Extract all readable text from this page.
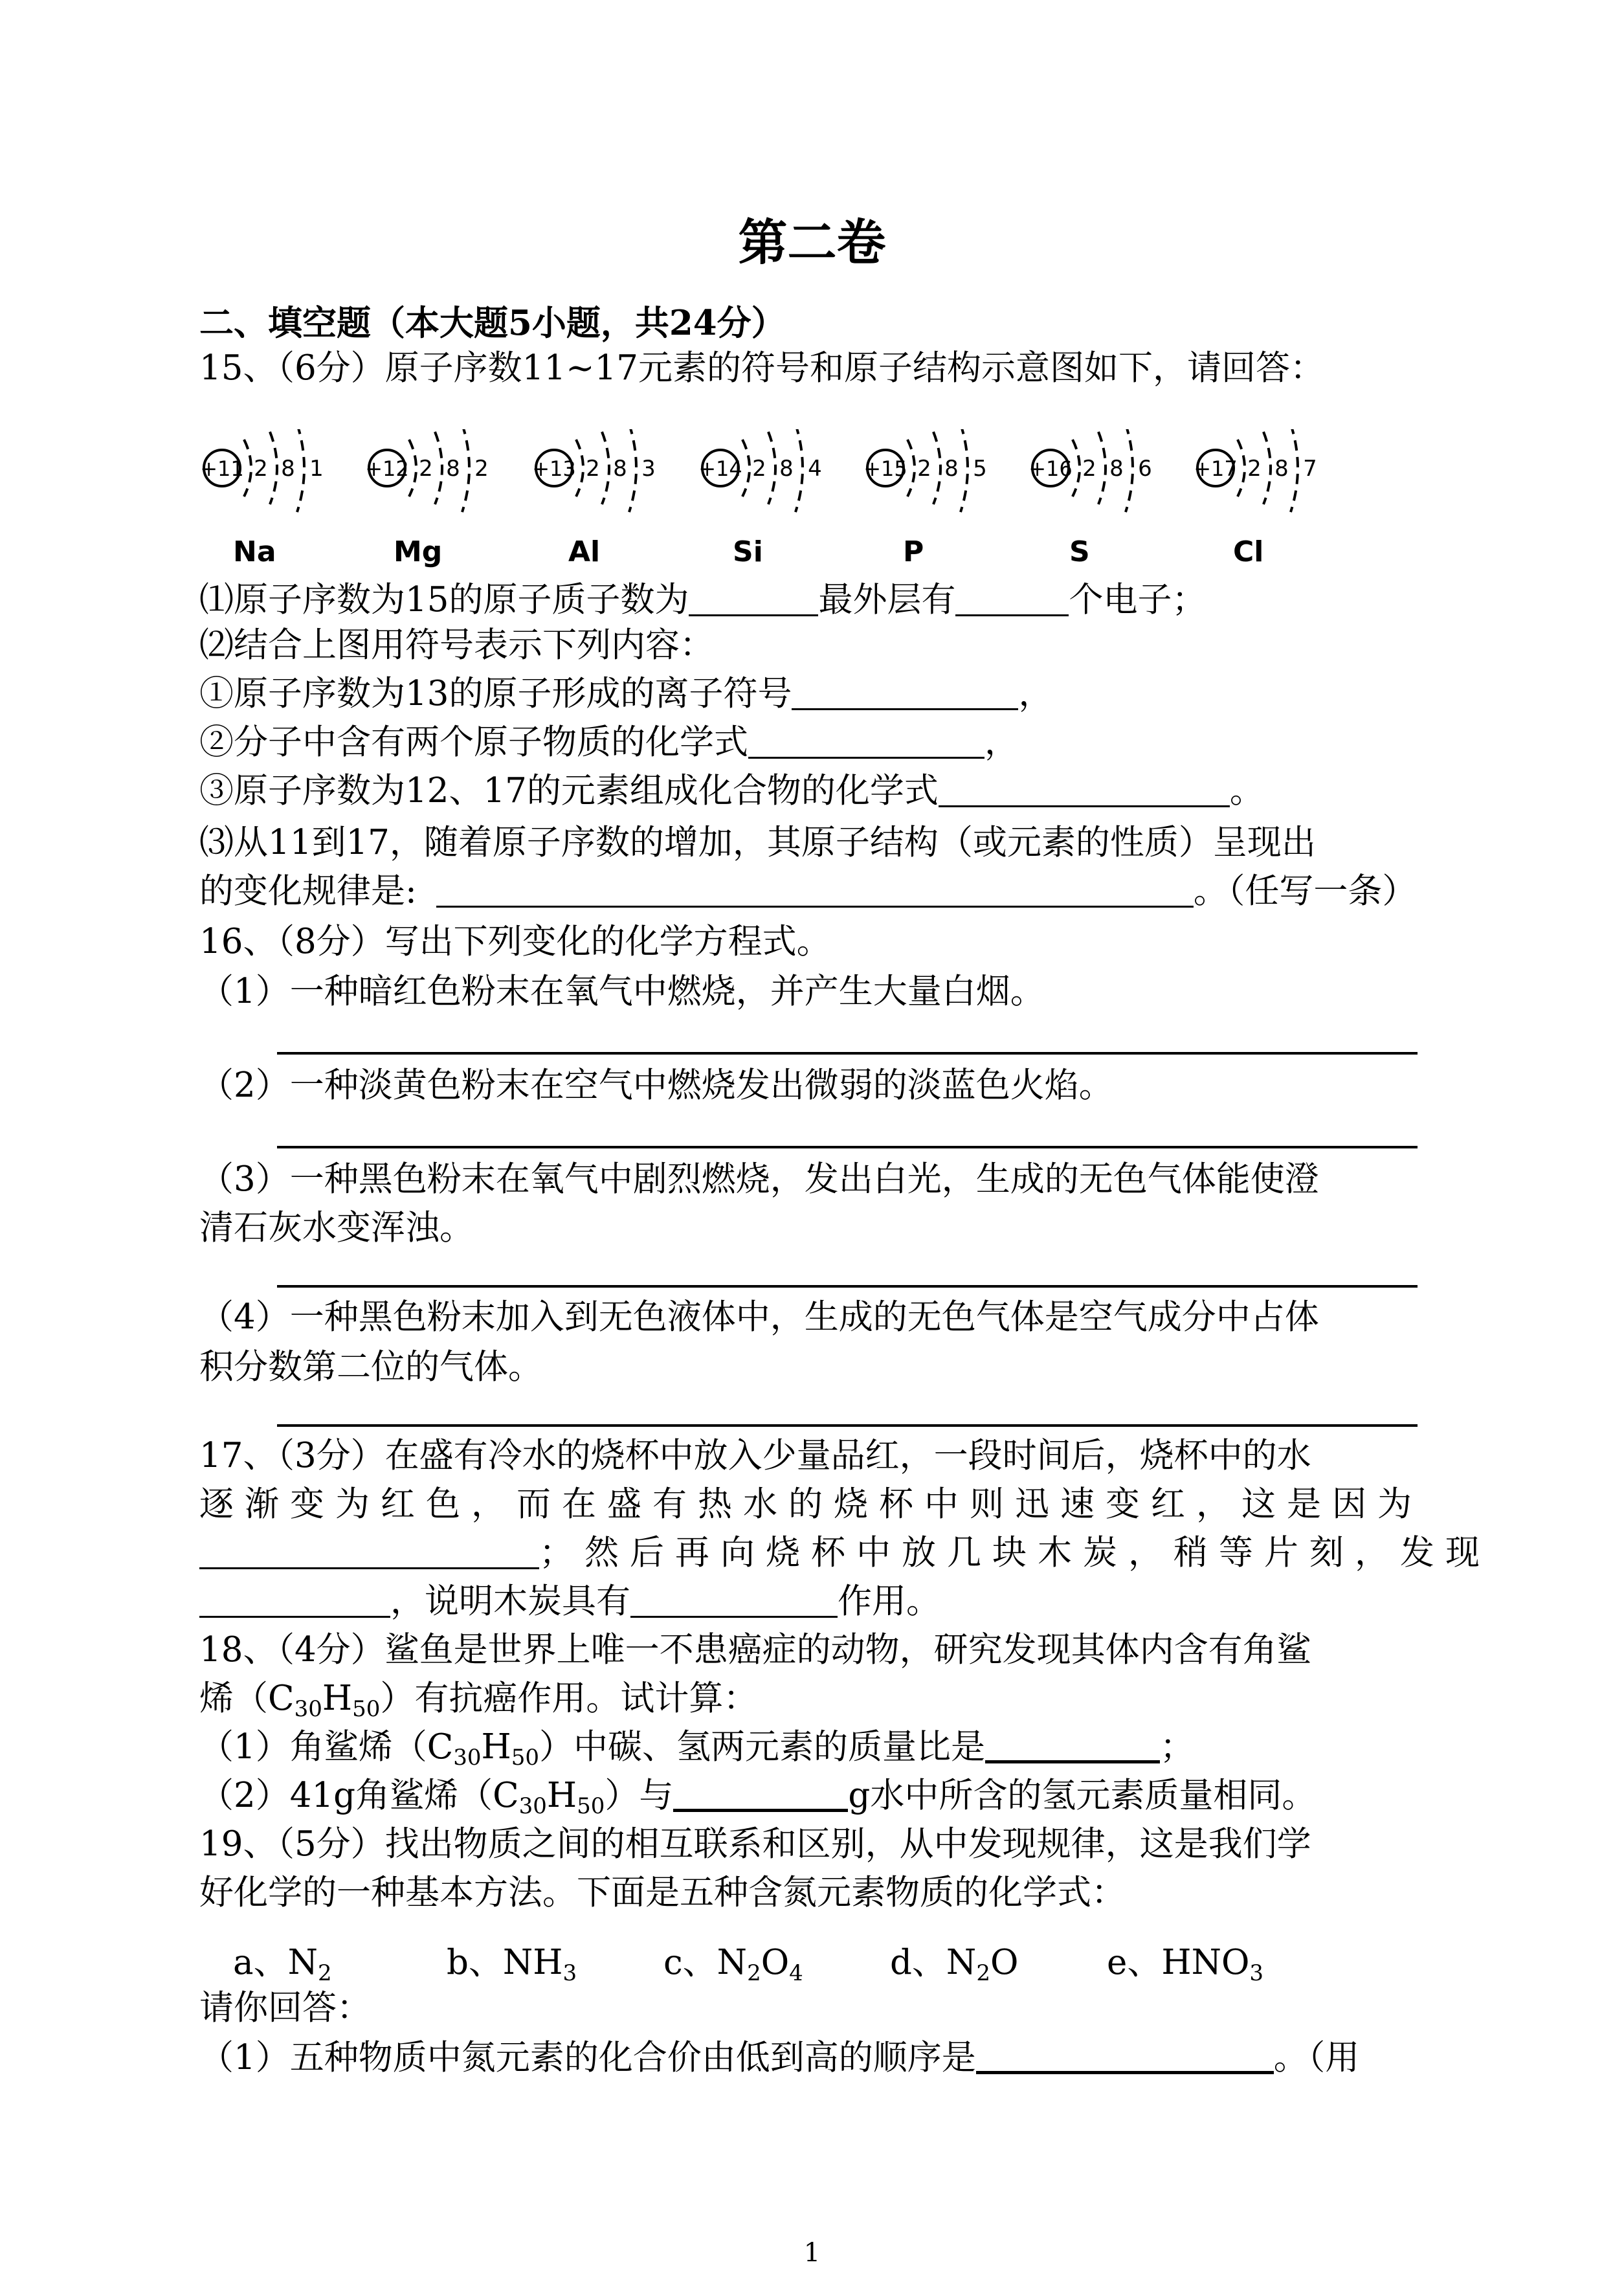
第二卷
二、填空题（本大题5小题，共24分）
15、（6分）原子序数11~17元素的符号和原子结构示意图如下，请回答：
+11 2 8 1
Na
+12 2 8 2
Mg
+13 2 8 3
Al
+14 2 8 4
Si
+15 2 8 5
P
+16 2 8 6
S
+17 2 8 7
Cl
⑴原子序数为15的原子质子数为	最外层有	个电子；
⑵结合上图用符号表示下列内容：
①原子序数为13的原子形成的离子符号	，
②分子中含有两个原子物质的化学式	，
③原子序数为12、17的元素组成化合物的化学式	。
⑶从11到17，随着原子序数的增加，其原子结构（或元素的性质）呈现出
的变化规律是:	。（任写一条）
16、（8分）写出下列变化的化学方程式。
（1）一种暗红色粉末在氧气中燃烧，并产生大量白烟。
（2）一种淡黄色粉末在空气中燃烧发出微弱的淡蓝色火焰。
（3）一种黑色粉末在氧气中剧烈燃烧，发出白光，生成的无色气体能使澄
清石灰水变浑浊。
（4）一种黑色粉末加入到无色液体中，生成的无色气体是空气成分中占体
积分数第二位的气体。
17、（3分）在盛有冷水的烧杯中放入少量品红，一段时间后，烧杯中的水
逐渐变为红色，而在盛有热水的烧杯中则迅速变红，这是因为
；然后再向烧杯中放几块木炭，稍等片刻，发现
，说明木炭具有	作用。
18、（4分）鲨鱼是世界上唯一不患癌症的动物，研究发现其体内含有角鲨
烯$(C_{30}H_{50})$有抗癌作用。试计算：
（1）角鲨烯$(C_{30}H_{50})$中碳、氢两元素的质量比是	；
（2）41g角鲨烯$(C_{30}H_{50})$与	g水中所含的氢元素质量相同。
19、（5分）找出物质之间的相互联系和区别，从中发现规律，这是我们学
好化学的一种基本方法。下面是五种含氮元素物质的化学式：
a、$N_2$	b、$NH_3$	c、$N_2O_4$	d、$N_2O$	e、$HNO_3$
请你回答：
（1）五种物质中氮元素的化合价由低到高的顺序是	。（用
1
